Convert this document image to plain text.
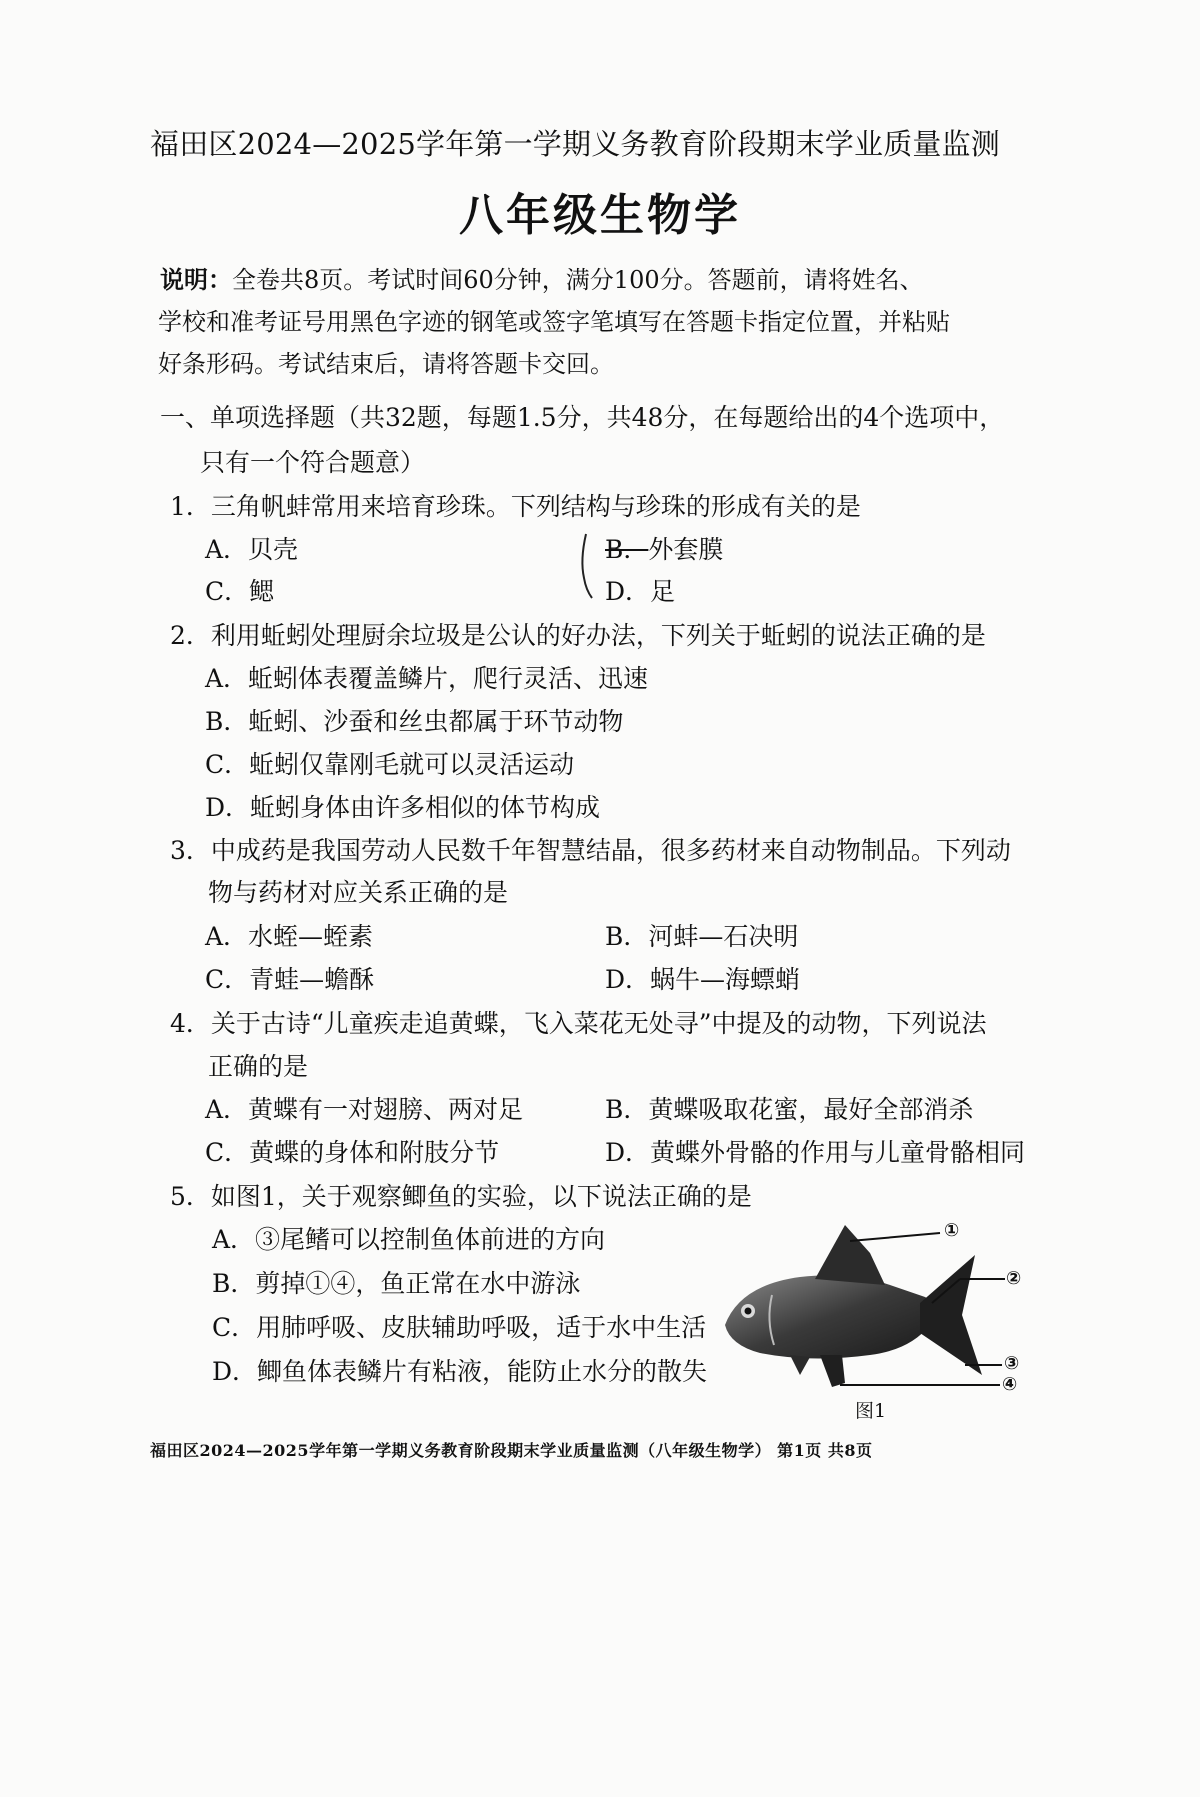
福田区2024—2025学年第一学期义务教育阶段期末学业质量监测
八年级生物学
说明：全卷共8页。考试时间60分钟，满分100分。答题前，请将姓名、
学校和准考证号用黑色字迹的钢笔或签字笔填写在答题卡指定位置，并粘贴
好条形码。考试结束后，请将答题卡交回。
一、单项选择题（共32题，每题1.5分，共48分，在每题给出的4个选项中，
只有一个符合题意）
1．三角帆蚌常用来培育珍珠。下列结构与珍珠的形成有关的是
A．贝壳	B．外套膜
C．鳃	D．足
2．利用蚯蚓处理厨余垃圾是公认的好办法，下列关于蚯蚓的说法正确的是
A．蚯蚓体表覆盖鳞片，爬行灵活、迅速
B．蚯蚓、沙蚕和丝虫都属于环节动物
C．蚯蚓仅靠刚毛就可以灵活运动
D．蚯蚓身体由许多相似的体节构成
3．中成药是我国劳动人民数千年智慧结晶，很多药材来自动物制品。下列动
物与药材对应关系正确的是
A．水蛭—蛭素	B．河蚌—石决明
C．青蛙—蟾酥	D．蜗牛—海螵蛸
4．关于古诗“儿童疾走追黄蝶，飞入菜花无处寻”中提及的动物，下列说法
正确的是
A．黄蝶有一对翅膀、两对足	B．黄蝶吸取花蜜，最好全部消杀
C．黄蝶的身体和附肢分节	D．黄蝶外骨骼的作用与儿童骨骼相同
5．如图1，关于观察鲫鱼的实验，以下说法正确的是
A．③尾鳍可以控制鱼体前进的方向
B．剪掉①④，鱼正常在水中游泳
C．用肺呼吸、皮肤辅助呼吸，适于水中生活
D．鲫鱼体表鳞片有粘液，能防止水分的散失
①
②
③
④
图1
福田区2024—2025学年第一学期义务教育阶段期末学业质量监测（八年级生物学） 第1页 共8页
